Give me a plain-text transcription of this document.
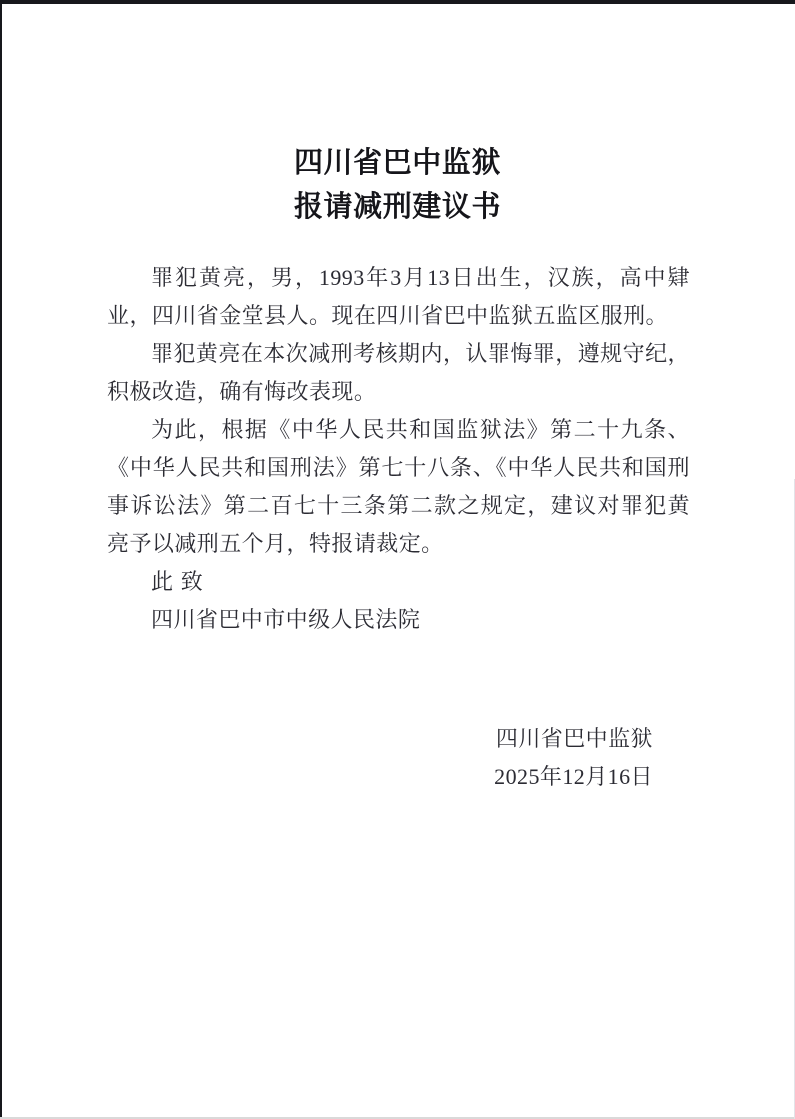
四川省巴中监狱
报请减刑建议书

罪犯黄亮，男，1993年3月13日出生，汉族，高中肄业，四川省金堂县人。现在四川省巴中监狱五监区服刑。

罪犯黄亮在本次减刑考核期内，认罪悔罪，遵规守纪，积极改造，确有悔改表现。

为此，根据《中华人民共和国监狱法》第二十九条、《中华人民共和国刑法》第七十八条、《中华人民共和国刑事诉讼法》第二百七十三条第二款之规定，建议对罪犯黄亮予以减刑五个月，特报请裁定。

此致

四川省巴中市中级人民法院

四川省巴中监狱
2025年12月16日
